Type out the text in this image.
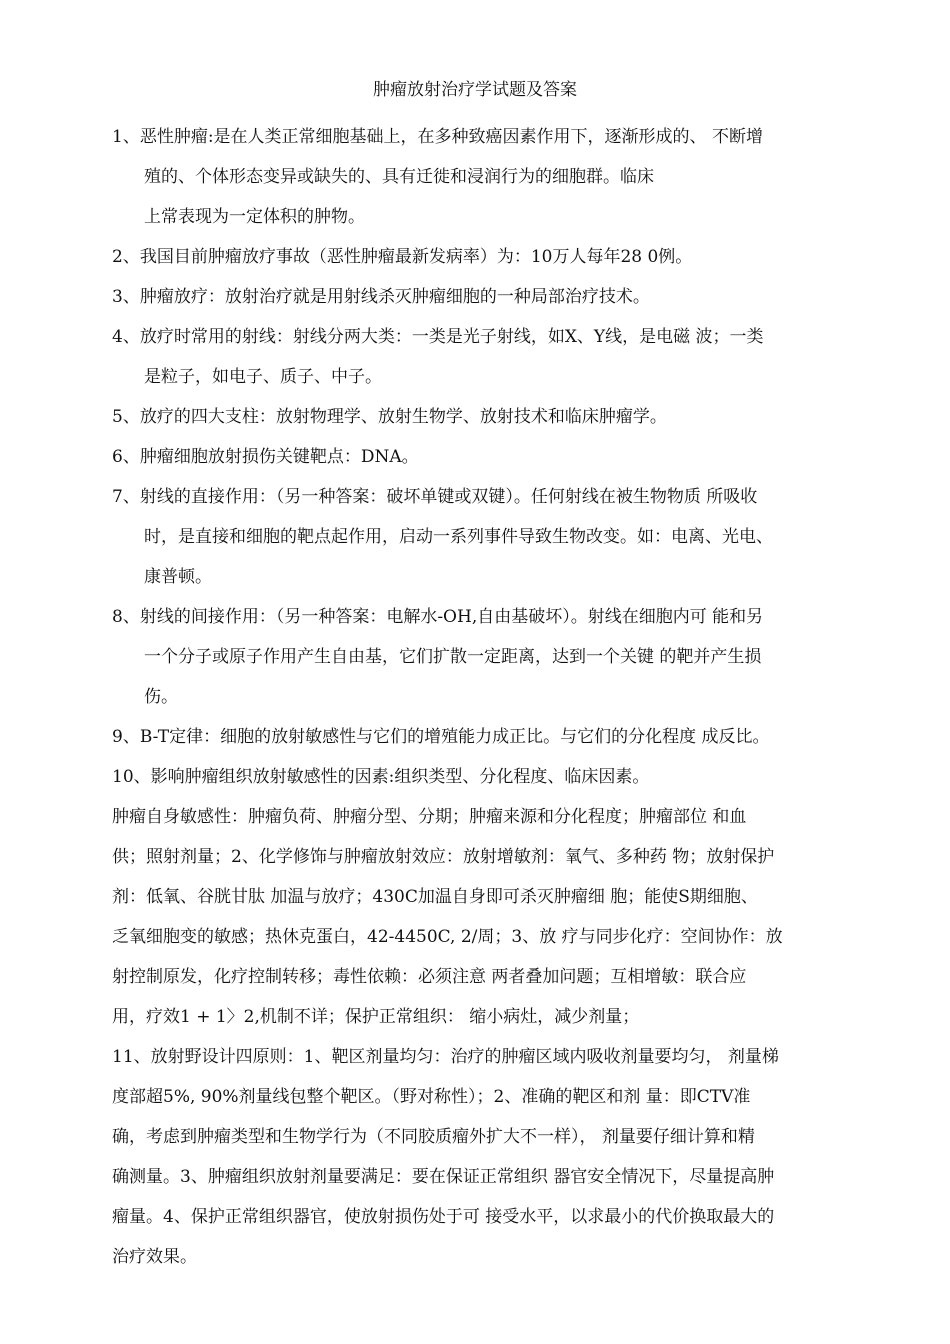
肿瘤放射治疗学试题及答案
1、恶性肿瘤:是在人类正常细胞基础上，在多种致癌因素作用下，逐渐形成的、 不断增
殖的、个体形态变异或缺失的、具有迁徙和浸润行为的细胞群。临床
上常表现为一定体积的肿物。
2、我国目前肿瘤放疗事故（恶性肿瘤最新发病率）为：10万人每年28 0例。
3、肿瘤放疗：放射治疗就是用射线杀灭肿瘤细胞的一种局部治疗技术。
4、放疗时常用的射线：射线分两大类：一类是光子射线，如X、Y线，是电磁 波；一类
是粒子，如电子、质子、中子。
5、放疗的四大支柱：放射物理学、放射生物学、放射技术和临床肿瘤学。
6、肿瘤细胞放射损伤关键靶点：DNA。
7、射线的直接作用：（另一种答案：破坏单键或双键）。任何射线在被生物物质 所吸收
时，是直接和细胞的靶点起作用，启动一系列事件导致生物改变。如：电离、光电、
康普顿。
8、射线的间接作用：（另一种答案：电解水-OH,自由基破坏）。射线在细胞内可 能和另
一个分子或原子作用产生自由基，它们扩散一定距离，达到一个关键 的靶并产生损
伤。
9、B-T定律：细胞的放射敏感性与它们的增殖能力成正比。与它们的分化程度 成反比。
10、影响肿瘤组织放射敏感性的因素:组织类型、分化程度、临床因素。
肿瘤自身敏感性：肿瘤负荷、肿瘤分型、分期；肿瘤来源和分化程度；肿瘤部位 和血
供；照射剂量；2、化学修饰与肿瘤放射效应：放射增敏剂：氧气、多种药 物；放射保护
剂：低氧、谷胱甘肽 加温与放疗；430C加温自身即可杀灭肿瘤细 胞；能使S期细胞、
乏氧细胞变的敏感；热休克蛋白，42-4450C, 2/周；3、放 疗与同步化疗：空间协作：放
射控制原发，化疗控制转移；毒性依赖：必须注意 两者叠加问题；互相增敏：联合应
用，疗效1 + 1〉2,机制不详；保护正常组织： 缩小病灶，减少剂量；
11、放射野设计四原则：1、靶区剂量均匀：治疗的肿瘤区域内吸收剂量要均匀， 剂量梯
度部超5%, 90%剂量线包整个靶区。（野对称性）；2、准确的靶区和剂 量：即CTV准
确，考虑到肿瘤类型和生物学行为（不同胶质瘤外扩大不一样）， 剂量要仔细计算和精
确测量。3、肿瘤组织放射剂量要满足：要在保证正常组织 器官安全情况下，尽量提高肿
瘤量。4、保护正常组织器官，使放射损伤处于可 接受水平，以求最小的代价换取最大的
治疗效果。
